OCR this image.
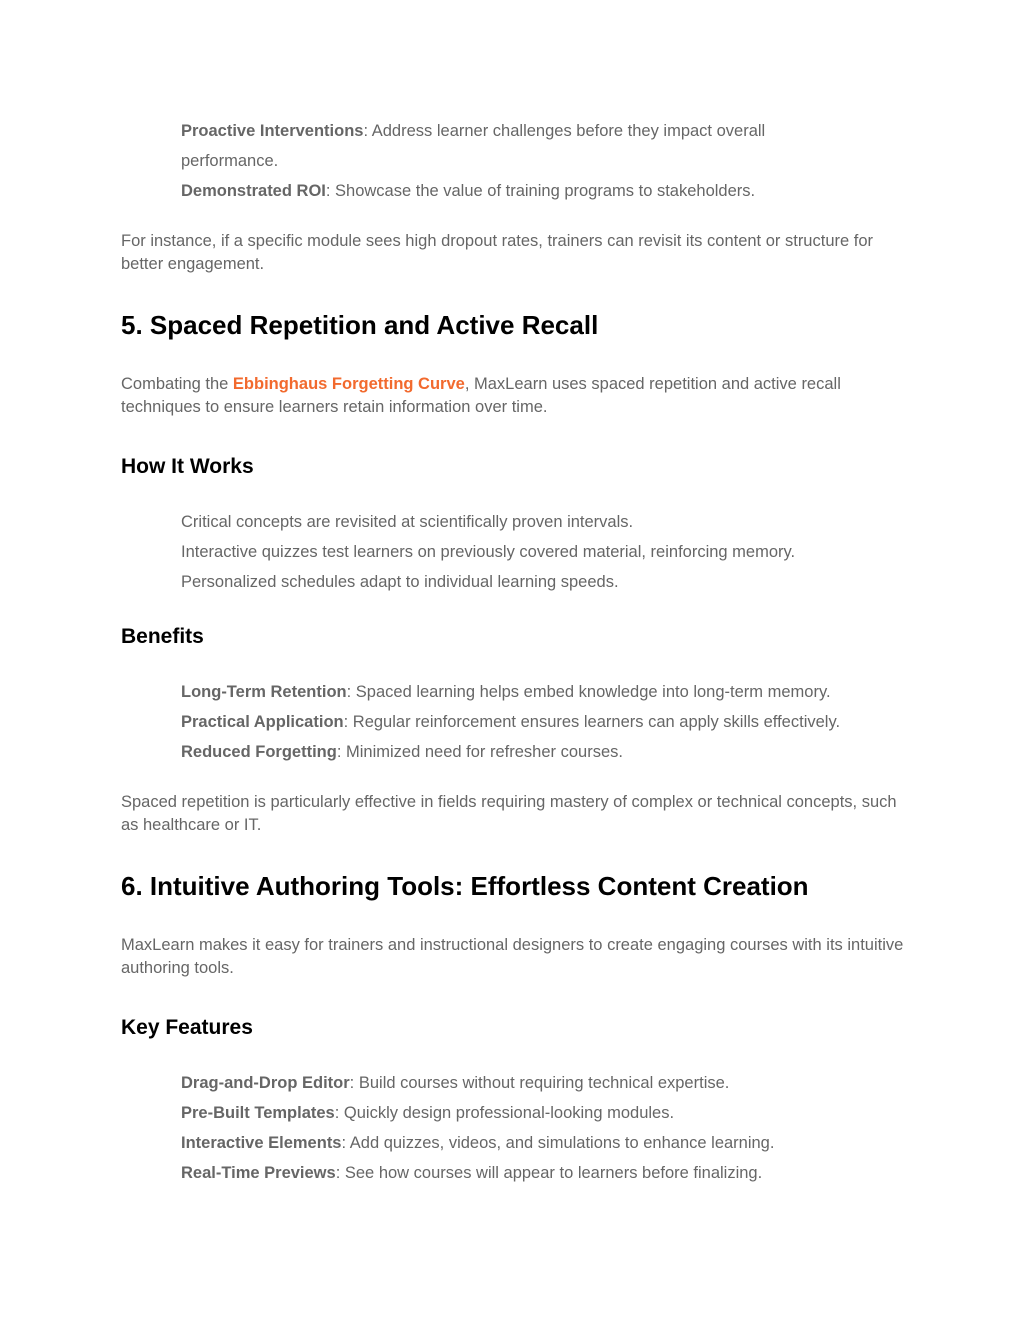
Proactive Interventions: Address learner challenges before they impact overall
performance.
Demonstrated ROI: Showcase the value of training programs to stakeholders.
For instance, if a specific module sees high dropout rates, trainers can revisit its content or structure for better engagement.
5. Spaced Repetition and Active Recall
Combating the Ebbinghaus Forgetting Curve, MaxLearn uses spaced repetition and active recall techniques to ensure learners retain information over time.
How It Works
Critical concepts are revisited at scientifically proven intervals.
Interactive quizzes test learners on previously covered material, reinforcing memory.
Personalized schedules adapt to individual learning speeds.
Benefits
Long-Term Retention: Spaced learning helps embed knowledge into long-term memory.
Practical Application: Regular reinforcement ensures learners can apply skills effectively.
Reduced Forgetting: Minimized need for refresher courses.
Spaced repetition is particularly effective in fields requiring mastery of complex or technical concepts, such as healthcare or IT.
6. Intuitive Authoring Tools: Effortless Content Creation
MaxLearn makes it easy for trainers and instructional designers to create engaging courses with its intuitive authoring tools.
Key Features
Drag-and-Drop Editor: Build courses without requiring technical expertise.
Pre-Built Templates: Quickly design professional-looking modules.
Interactive Elements: Add quizzes, videos, and simulations to enhance learning.
Real-Time Previews: See how courses will appear to learners before finalizing.
